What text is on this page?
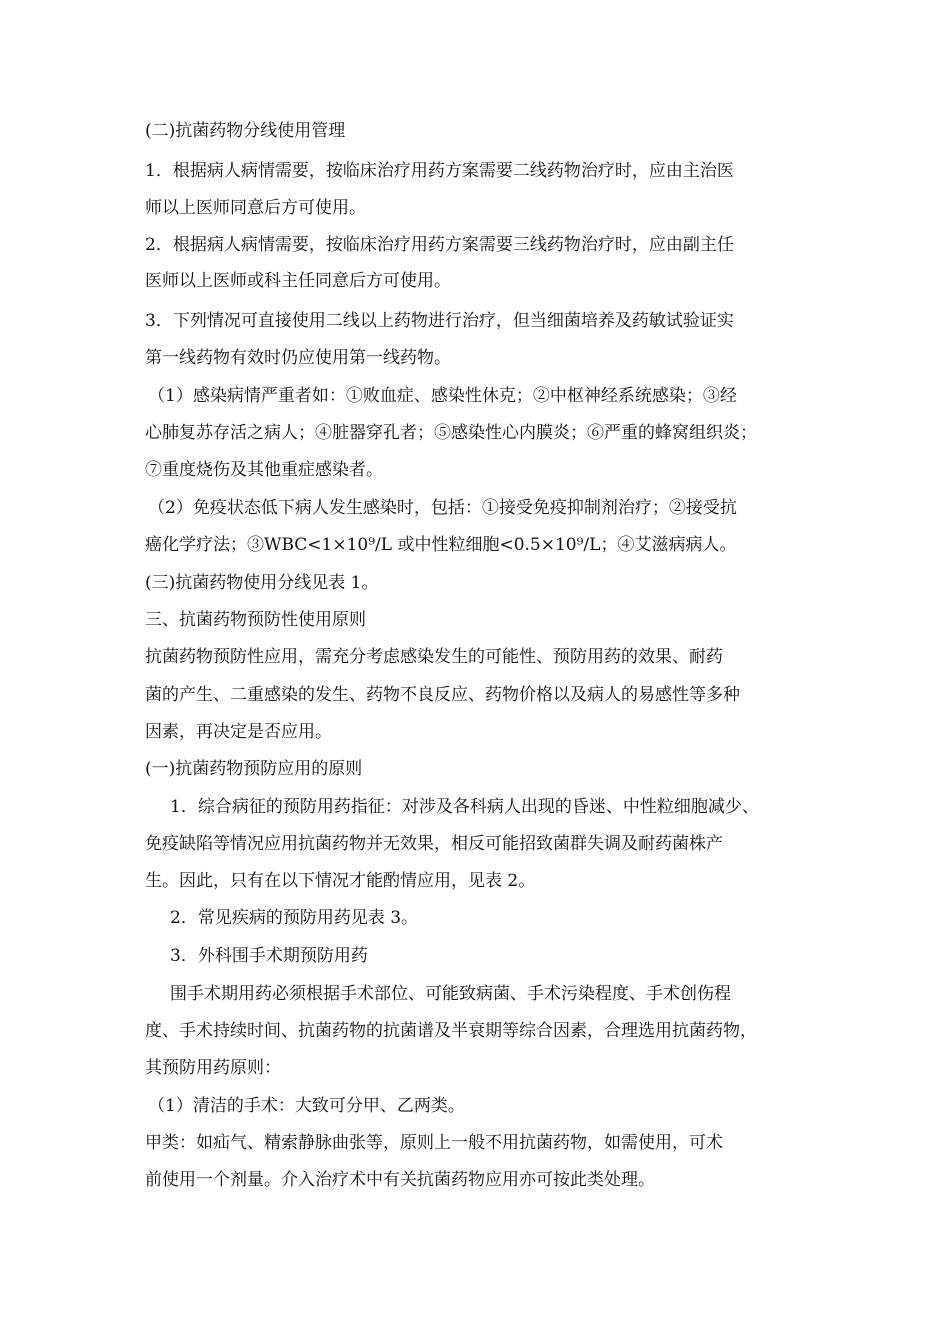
(二)抗菌药物分线使用管理
1．根据病人病情需要，按临床治疗用药方案需要二线药物治疗时，应由主治医
师以上医师同意后方可使用。
2．根据病人病情需要，按临床治疗用药方案需要三线药物治疗时，应由副主任
医师以上医师或科主任同意后方可使用。
3．下列情况可直接使用二线以上药物进行治疗，但当细菌培养及药敏试验证实
第一线药物有效时仍应使用第一线药物。
（1）感染病情严重者如：①败血症、感染性休克；②中枢神经系统感染；③经
心肺复苏存活之病人；④脏器穿孔者；⑤感染性心内膜炎；⑥严重的蜂窝组织炎；
⑦重度烧伤及其他重症感染者。
（2）免疫状态低下病人发生感染时，包括：①接受免疫抑制剂治疗；②接受抗
癌化学疗法；③WBC<1×10⁹/L 或中性粒细胞<0.5×10⁹/L；④艾滋病病人。
(三)抗菌药物使用分线见表 1。
三、抗菌药物预防性使用原则
抗菌药物预防性应用，需充分考虑感染发生的可能性、预防用药的效果、耐药
菌的产生、二重感染的发生、药物不良反应、药物价格以及病人的易感性等多种
因素，再决定是否应用。
(一)抗菌药物预防应用的原则
1．综合病征的预防用药指征：对涉及各科病人出现的昏迷、中性粒细胞减少、
免疫缺陷等情况应用抗菌药物并无效果，相反可能招致菌群失调及耐药菌株产
生。因此，只有在以下情况才能酌情应用，见表 2。
2．常见疾病的预防用药见表 3。
3．外科围手术期预防用药
围手术期用药必须根据手术部位、可能致病菌、手术污染程度、手术创伤程
度、手术持续时间、抗菌药物的抗菌谱及半衰期等综合因素，合理选用抗菌药物，
其预防用药原则：
（1）清洁的手术：大致可分甲、乙两类。
甲类：如疝气、精索静脉曲张等，原则上一般不用抗菌药物，如需使用，可术
前使用一个剂量。介入治疗术中有关抗菌药物应用亦可按此类处理。
